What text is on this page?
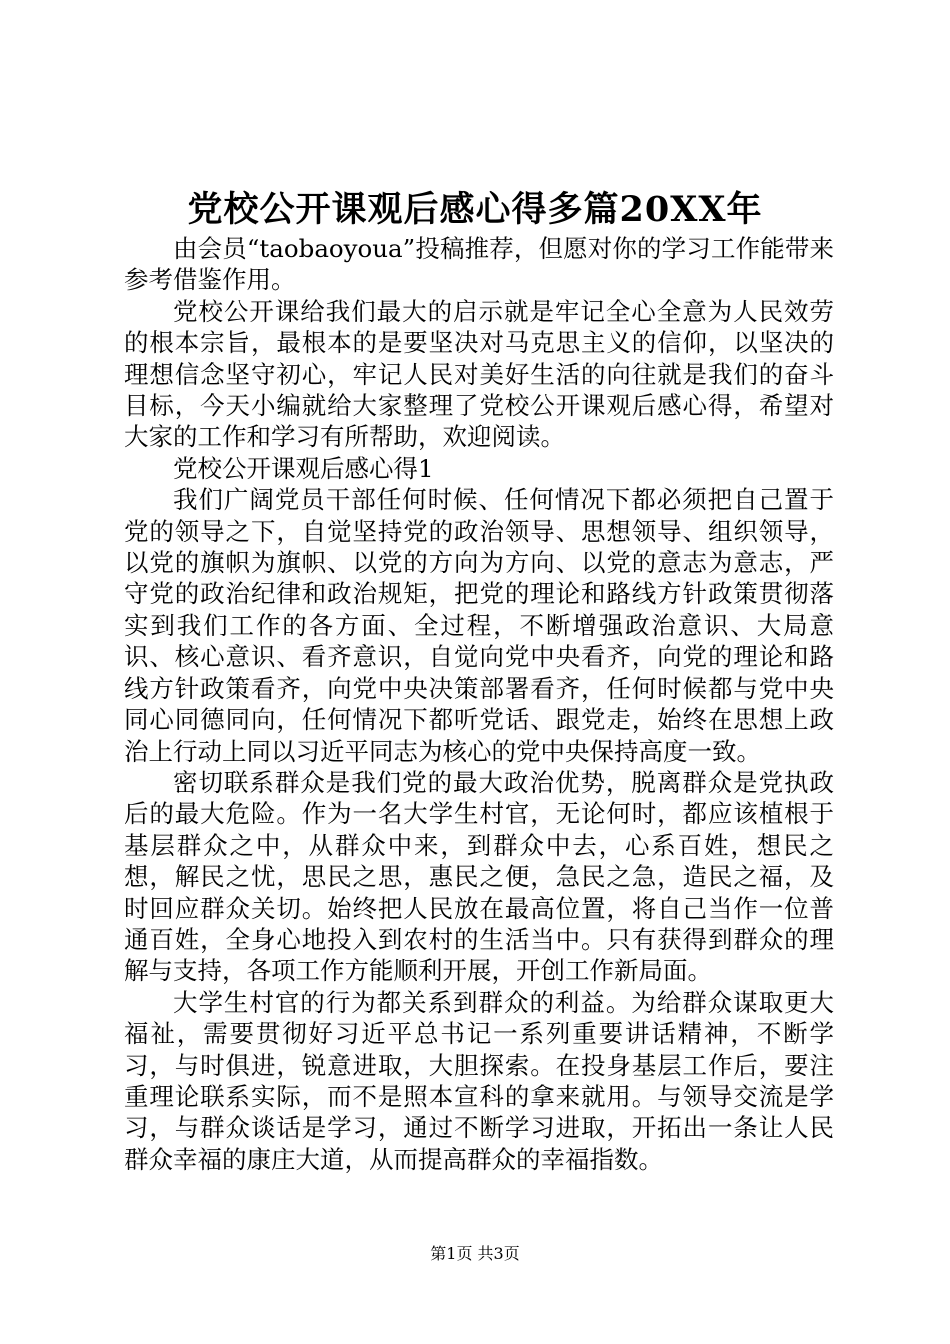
党校公开课观后感心得多篇20XX年

由会员“taobaoyoua”投稿推荐，但愿对你的学习工作能带来参考借鉴作用。

党校公开课给我们最大的启示就是牢记全心全意为人民效劳的根本宗旨，最根本的是要坚决对马克思主义的信仰，以坚决的理想信念坚守初心，牢记人民对美好生活的向往就是我们的奋斗目标，今天小编就给大家整理了党校公开课观后感心得，希望对大家的工作和学习有所帮助，欢迎阅读。

党校公开课观后感心得1

我们广阔党员干部任何时候、任何情况下都必须把自己置于党的领导之下，自觉坚持党的政治领导、思想领导、组织领导，以党的旗帜为旗帜、以党的方向为方向、以党的意志为意志，严守党的政治纪律和政治规矩，把党的理论和路线方针政策贯彻落实到我们工作的各方面、全过程，不断增强政治意识、大局意识、核心意识、看齐意识，自觉向党中央看齐，向党的理论和路线方针政策看齐，向党中央决策部署看齐，任何时候都与党中央同心同德同向，任何情况下都听党话、跟党走，始终在思想上政治上行动上同以习近平同志为核心的党中央保持高度一致。

密切联系群众是我们党的最大政治优势，脱离群众是党执政后的最大危险。作为一名大学生村官，无论何时，都应该植根于基层群众之中，从群众中来，到群众中去，心系百姓，想民之想，解民之忧，思民之思，惠民之便，急民之急，造民之福，及时回应群众关切。始终把人民放在最高位置，将自己当作一位普通百姓，全身心地投入到农村的生活当中。只有获得到群众的理解与支持，各项工作方能顺利开展，开创工作新局面。

大学生村官的行为都关系到群众的利益。为给群众谋取更大福祉，需要贯彻好习近平总书记一系列重要讲话精神，不断学习，与时俱进，锐意进取，大胆探索。在投身基层工作后，要注重理论联系实际，而不是照本宣科的拿来就用。与领导交流是学习，与群众谈话是学习，通过不断学习进取，开拓出一条让人民群众幸福的康庄大道，从而提高群众的幸福指数。

第1页 共3页
